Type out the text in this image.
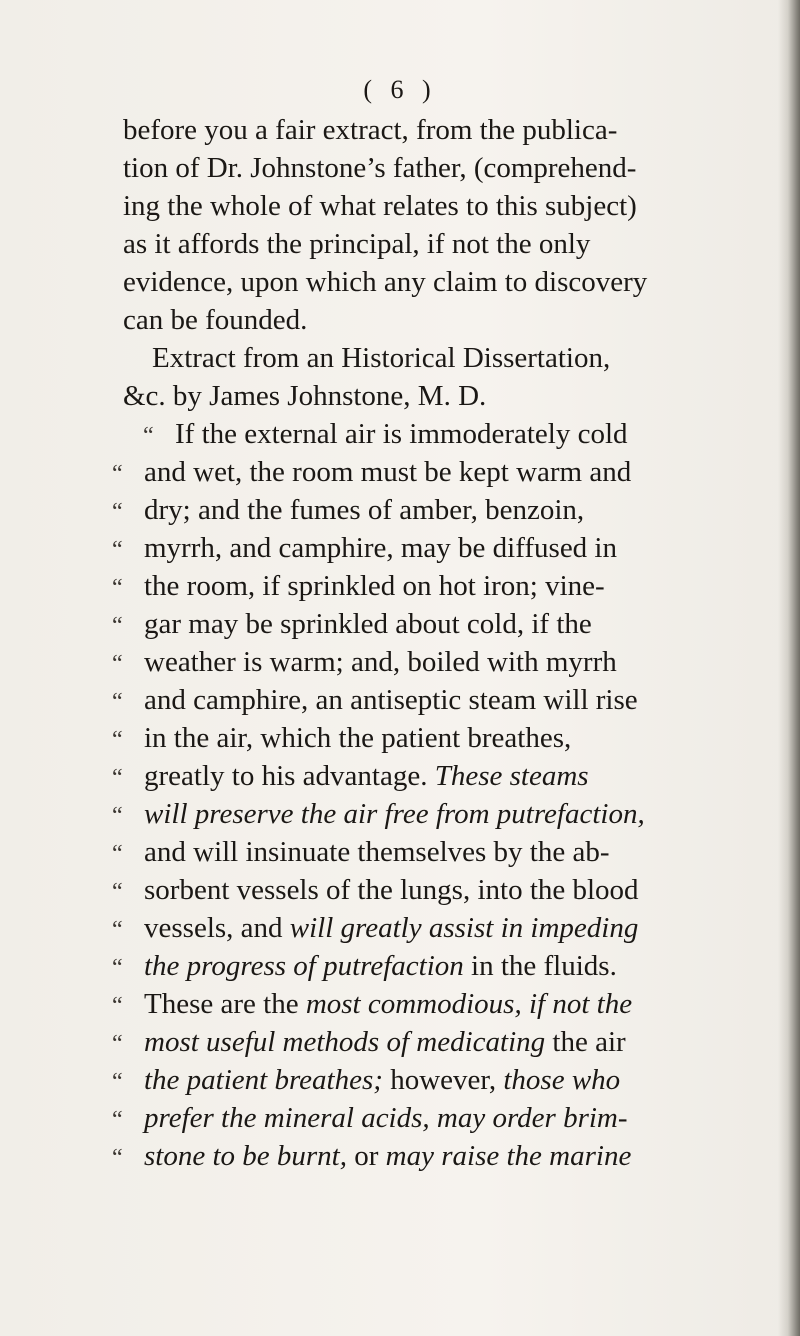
( 6 )
before you a fair extract, from the publica-
tion of Dr. Johnstone’s father, (comprehend-
ing the whole of what relates to this subject)
as it affords the principal, if not the only
evidence, upon which any claim to discovery
can be founded.
Extract from an Historical Dissertation,
&c. by James Johnstone, M. D.
“ If the external air is immoderately cold
“ and wet, the room must be kept warm and
“ dry; and the fumes of amber, benzoin,
“ myrrh, and camphire, may be diffused in
“ the room, if sprinkled on hot iron; vine-
“ gar may be sprinkled about cold, if the
“ weather is warm; and, boiled with myrrh
“ and camphire, an antiseptic steam will rise
“ in the air, which the patient breathes,
“ greatly to his advantage. These steams
“ will preserve the air free from putrefaction,
“ and will insinuate themselves by the ab-
“ sorbent vessels of the lungs, into the blood
“ vessels, and will greatly assist in impeding
“ the progress of putrefaction in the fluids.
“ These are the most commodious, if not the
“ most useful methods of medicating the air
“ the patient breathes; however, those who
“ prefer the mineral acids, may order brim-
“ stone to be burnt, or may raise the marine
